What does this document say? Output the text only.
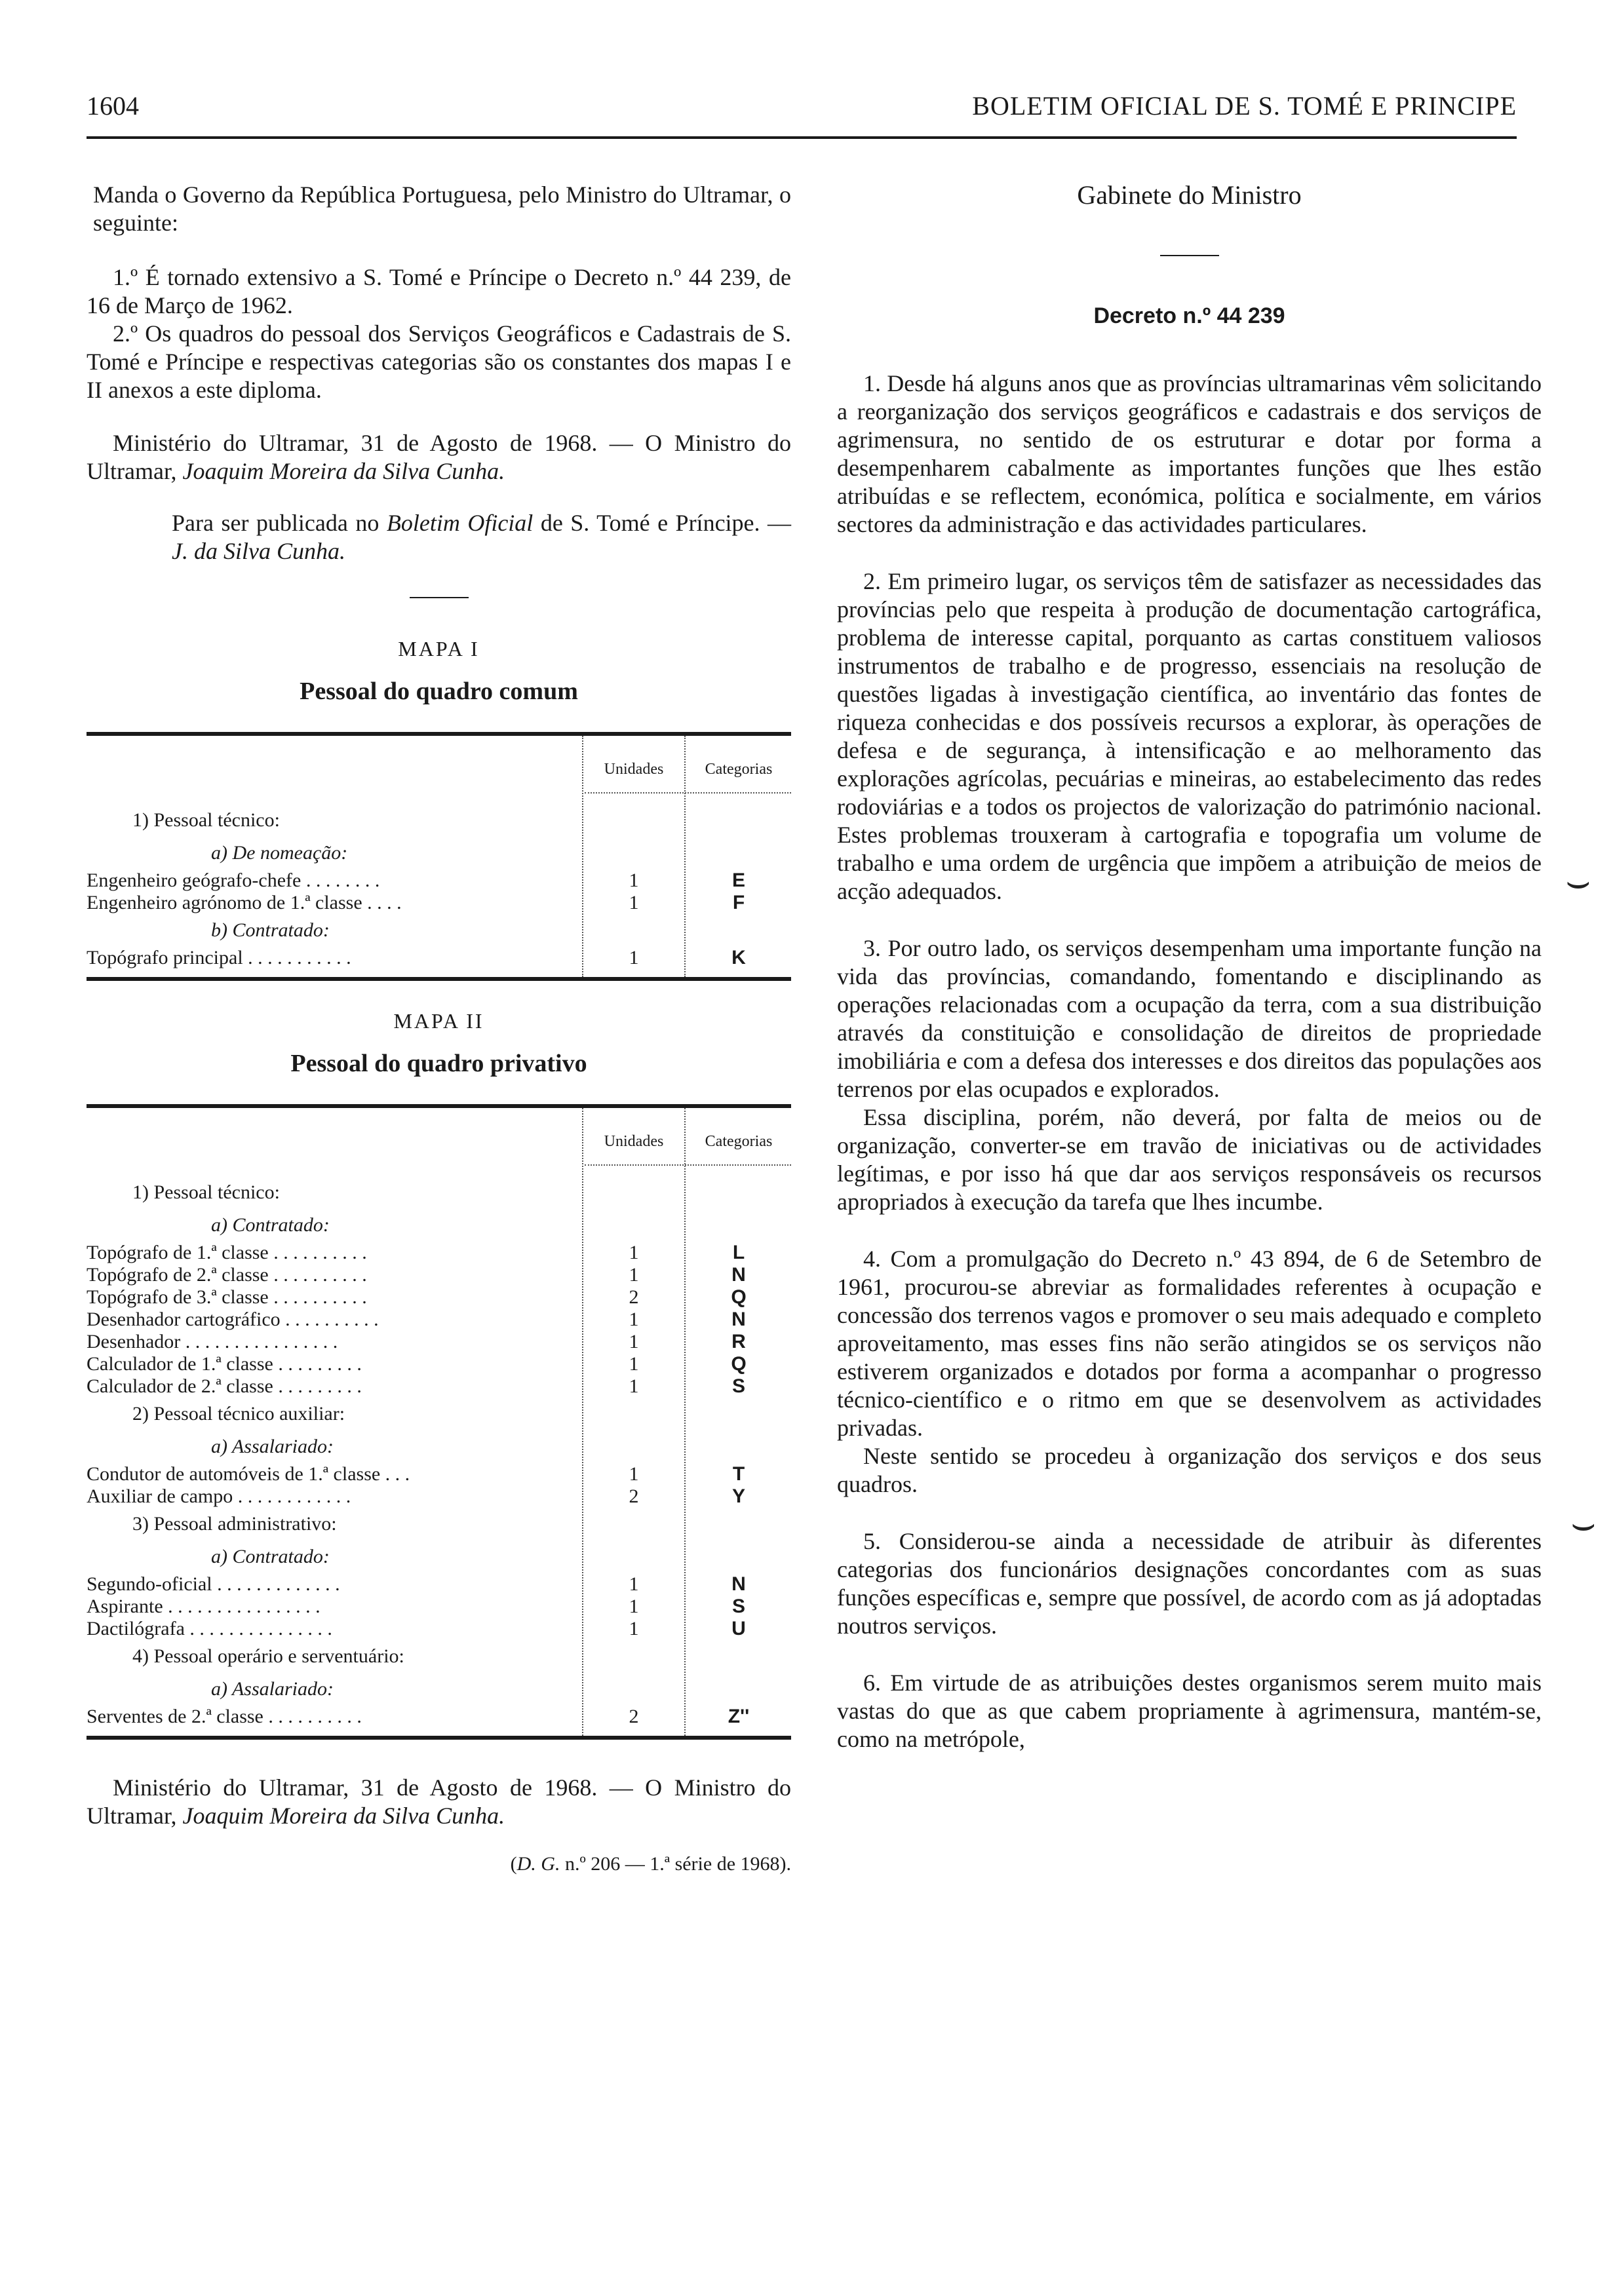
1604	BOLETIM OFICIAL DE S. TOMÉ E PRINCIPE

Manda o Governo da República Portuguesa, pelo Ministro do Ultramar, o seguinte:

1.º É tornado extensivo a S. Tomé e Príncipe o Decreto n.º 44 239, de 16 de Março de 1962.

2.º Os quadros do pessoal dos Serviços Geográficos e Cadastrais de S. Tomé e Príncipe e respectivas categorias são os constantes dos mapas I e II anexos a este diploma.

Ministério do Ultramar, 31 de Agosto de 1968. — O Ministro do Ultramar, Joaquim Moreira da Silva Cunha.

Para ser publicada no Boletim Oficial de S. Tomé e Príncipe. — J. da Silva Cunha.

MAPA I
Pessoal do quadro comum
Unidades	Categorias
1) Pessoal técnico:
a) De nomeação:
Engenheiro geógrafo-chefe . . . . . . . .	1	E
Engenheiro agrónomo de 1.ª classe . . . .	1	F
b) Contratado:
Topógrafo principal . . . . . . . . . . .	1	K
MAPA II
Pessoal do quadro privativo
Unidades	Categorias
1) Pessoal técnico:
a) Contratado:
Topógrafo de 1.ª classe . . . . . . . . . .	1	L
Topógrafo de 2.ª classe . . . . . . . . . .	1	N
Topógrafo de 3.ª classe . . . . . . . . . .	2	Q
Desenhador cartográfico . . . . . . . . . .	1	N
Desenhador . . . . . . . . . . . . . . . .	1	R
Calculador de 1.ª classe . . . . . . . . .	1	Q
Calculador de 2.ª classe . . . . . . . . .	1	S
2) Pessoal técnico auxiliar:
a) Assalariado:
Condutor de automóveis de 1.ª classe . . .	1	T
Auxiliar de campo . . . . . . . . . . . .	2	Y
3) Pessoal administrativo:
a) Contratado:
Segundo-oficial . . . . . . . . . . . . .	1	N
Aspirante . . . . . . . . . . . . . . . .	1	S
Dactilógrafa . . . . . . . . . . . . . . .	1	U
4) Pessoal operário e serventuário:
a) Assalariado:
Serventes de 2.ª classe . . . . . . . . . .	2	Z''

Ministério do Ultramar, 31 de Agosto de 1968. — O Ministro do Ultramar, Joaquim Moreira da Silva Cunha.

(D. G. n.º 206 — 1.ª série de 1968).
Gabinete do Ministro
Decreto n.º 44 239

1. Desde há alguns anos que as províncias ultramarinas vêm solicitando a reorganização dos serviços geográficos e cadastrais e dos serviços de agrimensura, no sentido de os estruturar e dotar por forma a desempenharem cabalmente as importantes funções que lhes estão atribuídas e se reflectem, económica, política e socialmente, em vários sectores da administração e das actividades particulares.

2. Em primeiro lugar, os serviços têm de satisfazer as necessidades das províncias pelo que respeita à produção de documentação cartográfica, problema de interesse capital, porquanto as cartas constituem valiosos instrumentos de trabalho e de progresso, essenciais na resolução de questões ligadas à investigação científica, ao inventário das fontes de riqueza conhecidas e dos possíveis recursos a explorar, às operações de defesa e de segurança, à intensificação e ao melhoramento das explorações agrícolas, pecuárias e mineiras, ao estabelecimento das redes rodoviárias e a todos os projectos de valorização do património nacional. Estes problemas trouxeram à cartografia e topografia um volume de trabalho e uma ordem de urgência que impõem a atribuição de meios de acção adequados.

3. Por outro lado, os serviços desempenham uma importante função na vida das províncias, comandando, fomentando e disciplinando as operações relacionadas com a ocupação da terra, com a sua distribuição através da constituição e consolidação de direitos de propriedade imobiliária e com a defesa dos interesses e dos direitos das populações aos terrenos por elas ocupados e explorados.

Essa disciplina, porém, não deverá, por falta de meios ou de organização, converter-se em travão de iniciativas ou de actividades legítimas, e por isso há que dar aos serviços responsáveis os recursos apropriados à execução da tarefa que lhes incumbe.

4. Com a promulgação do Decreto n.º 43 894, de 6 de Setembro de 1961, procurou-se abreviar as formalidades referentes à ocupação e concessão dos terrenos vagos e promover o seu mais adequado e completo aproveitamento, mas esses fins não serão atingidos se os serviços não estiverem organizados e dotados por forma a acompanhar o progresso técnico-científico e o ritmo em que se desenvolvem as actividades privadas.

Neste sentido se procedeu à organização dos serviços e dos seus quadros.

5. Considerou-se ainda a necessidade de atribuir às diferentes categorias dos funcionários designações concordantes com as suas funções específicas e, sempre que possível, de acordo com as já adoptadas noutros serviços.

6. Em virtude de as atribuições destes organismos serem muito mais vastas do que as que cabem propriamente à agrimensura, mantém-se, como na metrópole,

⌣
⌣
